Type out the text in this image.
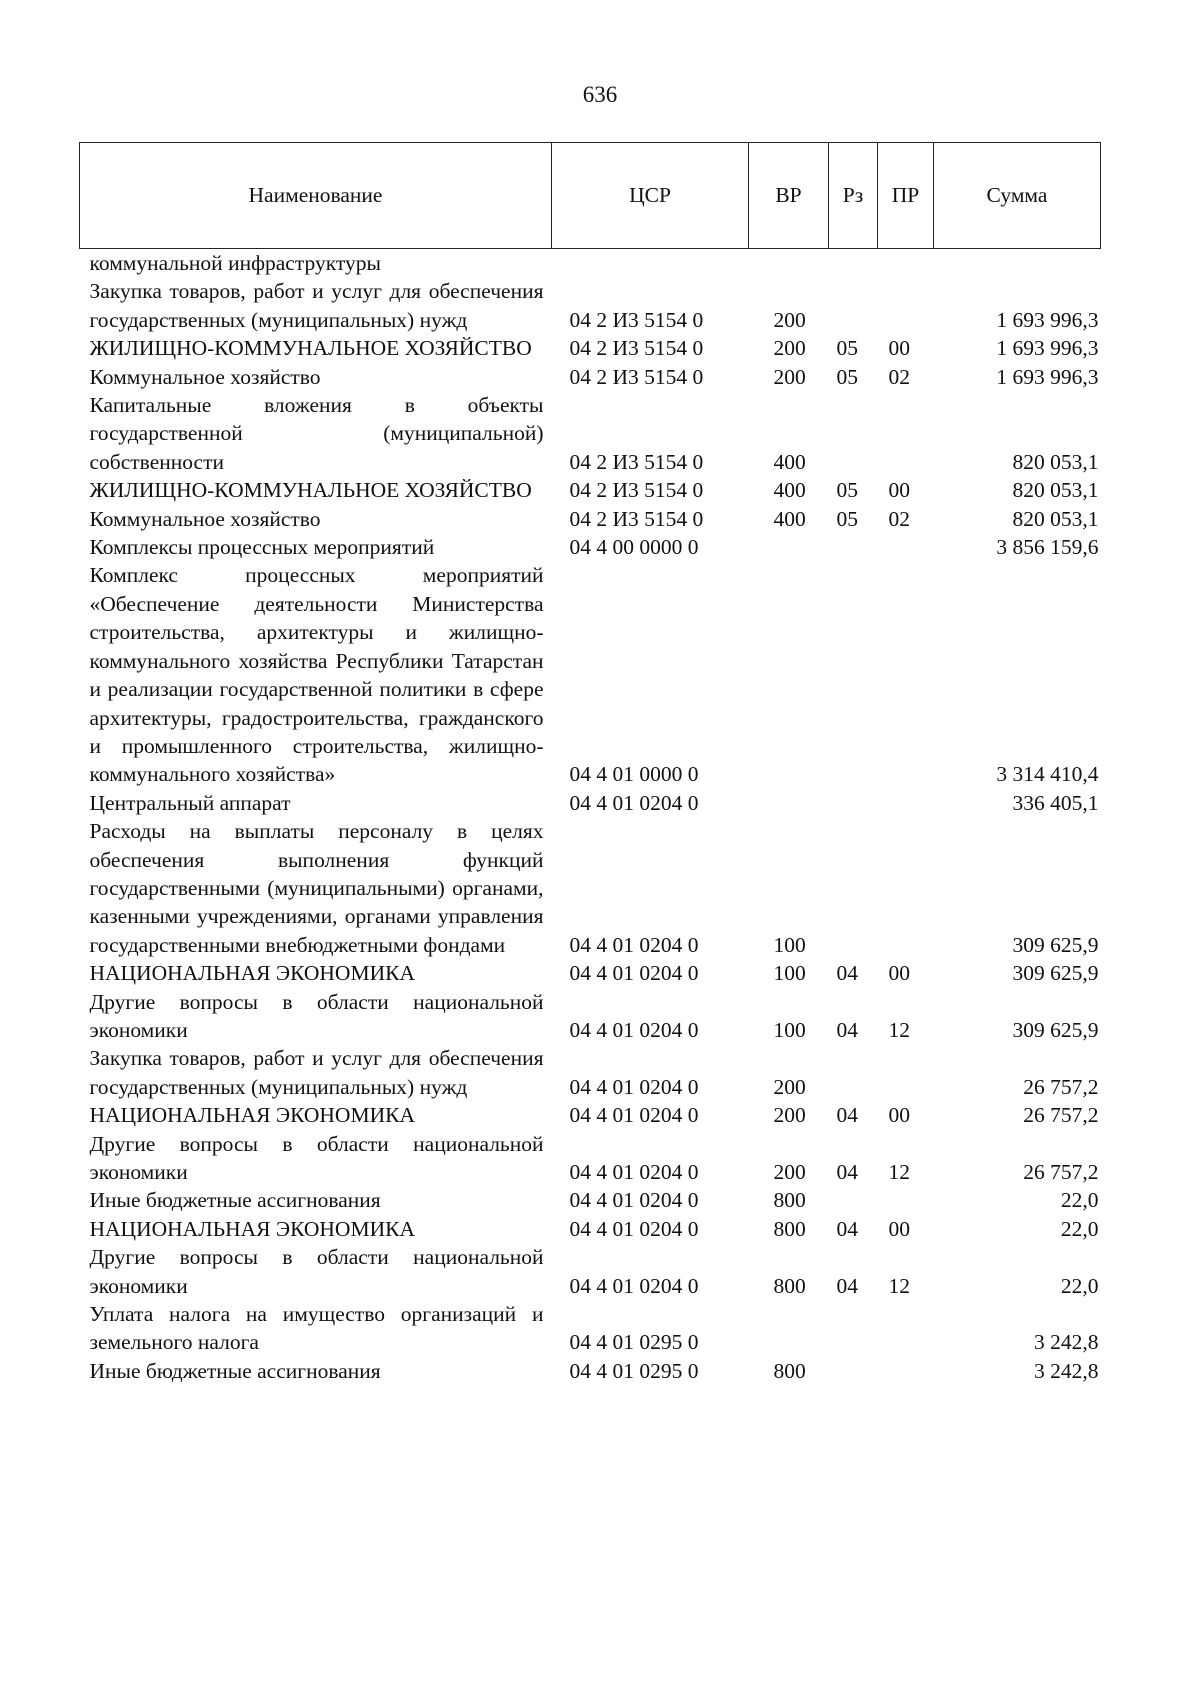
636
Наименование	ЦСР	ВР	Рз	ПР	Сумма
коммунальной инфраструктуры					
Закупка товаров, работ и услуг для обеспечения государственных (муниципальных) нужд	04 2 И3 5154 0	200			1 693 996,3
ЖИЛИЩНО-КОММУНАЛЬНОЕ ХОЗЯЙСТВО	04 2 И3 5154 0	200	05	00	1 693 996,3
Коммунальное хозяйство	04 2 И3 5154 0	200	05	02	1 693 996,3
Капитальные вложения в объекты государственной (муниципальной) собственности	04 2 И3 5154 0	400			820 053,1
ЖИЛИЩНО-КОММУНАЛЬНОЕ ХОЗЯЙСТВО	04 2 И3 5154 0	400	05	00	820 053,1
Коммунальное хозяйство	04 2 И3 5154 0	400	05	02	820 053,1
Комплексы процессных мероприятий	04 4 00 0000 0				3 856 159,6
Комплекс процессных мероприятий «Обеспечение деятельности Министерства строительства, архитектуры и жилищно-коммунального хозяйства Республики Татарстан и реализации государственной политики в сфере архитектуры, градостроительства, гражданского и промышленного строительства, жилищно-коммунального хозяйства»	04 4 01 0000 0				3 314 410,4
Центральный аппарат	04 4 01 0204 0				336 405,1
Расходы на выплаты персоналу в целях обеспечения выполнения функций государственными (муниципальными) органами, казенными учреждениями, органами управления государственными внебюджетными фондами	04 4 01 0204 0	100			309 625,9
НАЦИОНАЛЬНАЯ ЭКОНОМИКА	04 4 01 0204 0	100	04	00	309 625,9
Другие вопросы в области национальной экономики	04 4 01 0204 0	100	04	12	309 625,9
Закупка товаров, работ и услуг для обеспечения государственных (муниципальных) нужд	04 4 01 0204 0	200			26 757,2
НАЦИОНАЛЬНАЯ ЭКОНОМИКА	04 4 01 0204 0	200	04	00	26 757,2
Другие вопросы в области национальной экономики	04 4 01 0204 0	200	04	12	26 757,2
Иные бюджетные ассигнования	04 4 01 0204 0	800			22,0
НАЦИОНАЛЬНАЯ ЭКОНОМИКА	04 4 01 0204 0	800	04	00	22,0
Другие вопросы в области национальной экономики	04 4 01 0204 0	800	04	12	22,0
Уплата налога на имущество организаций и земельного налога	04 4 01 0295 0				3 242,8
Иные бюджетные ассигнования	04 4 01 0295 0	800			3 242,8
